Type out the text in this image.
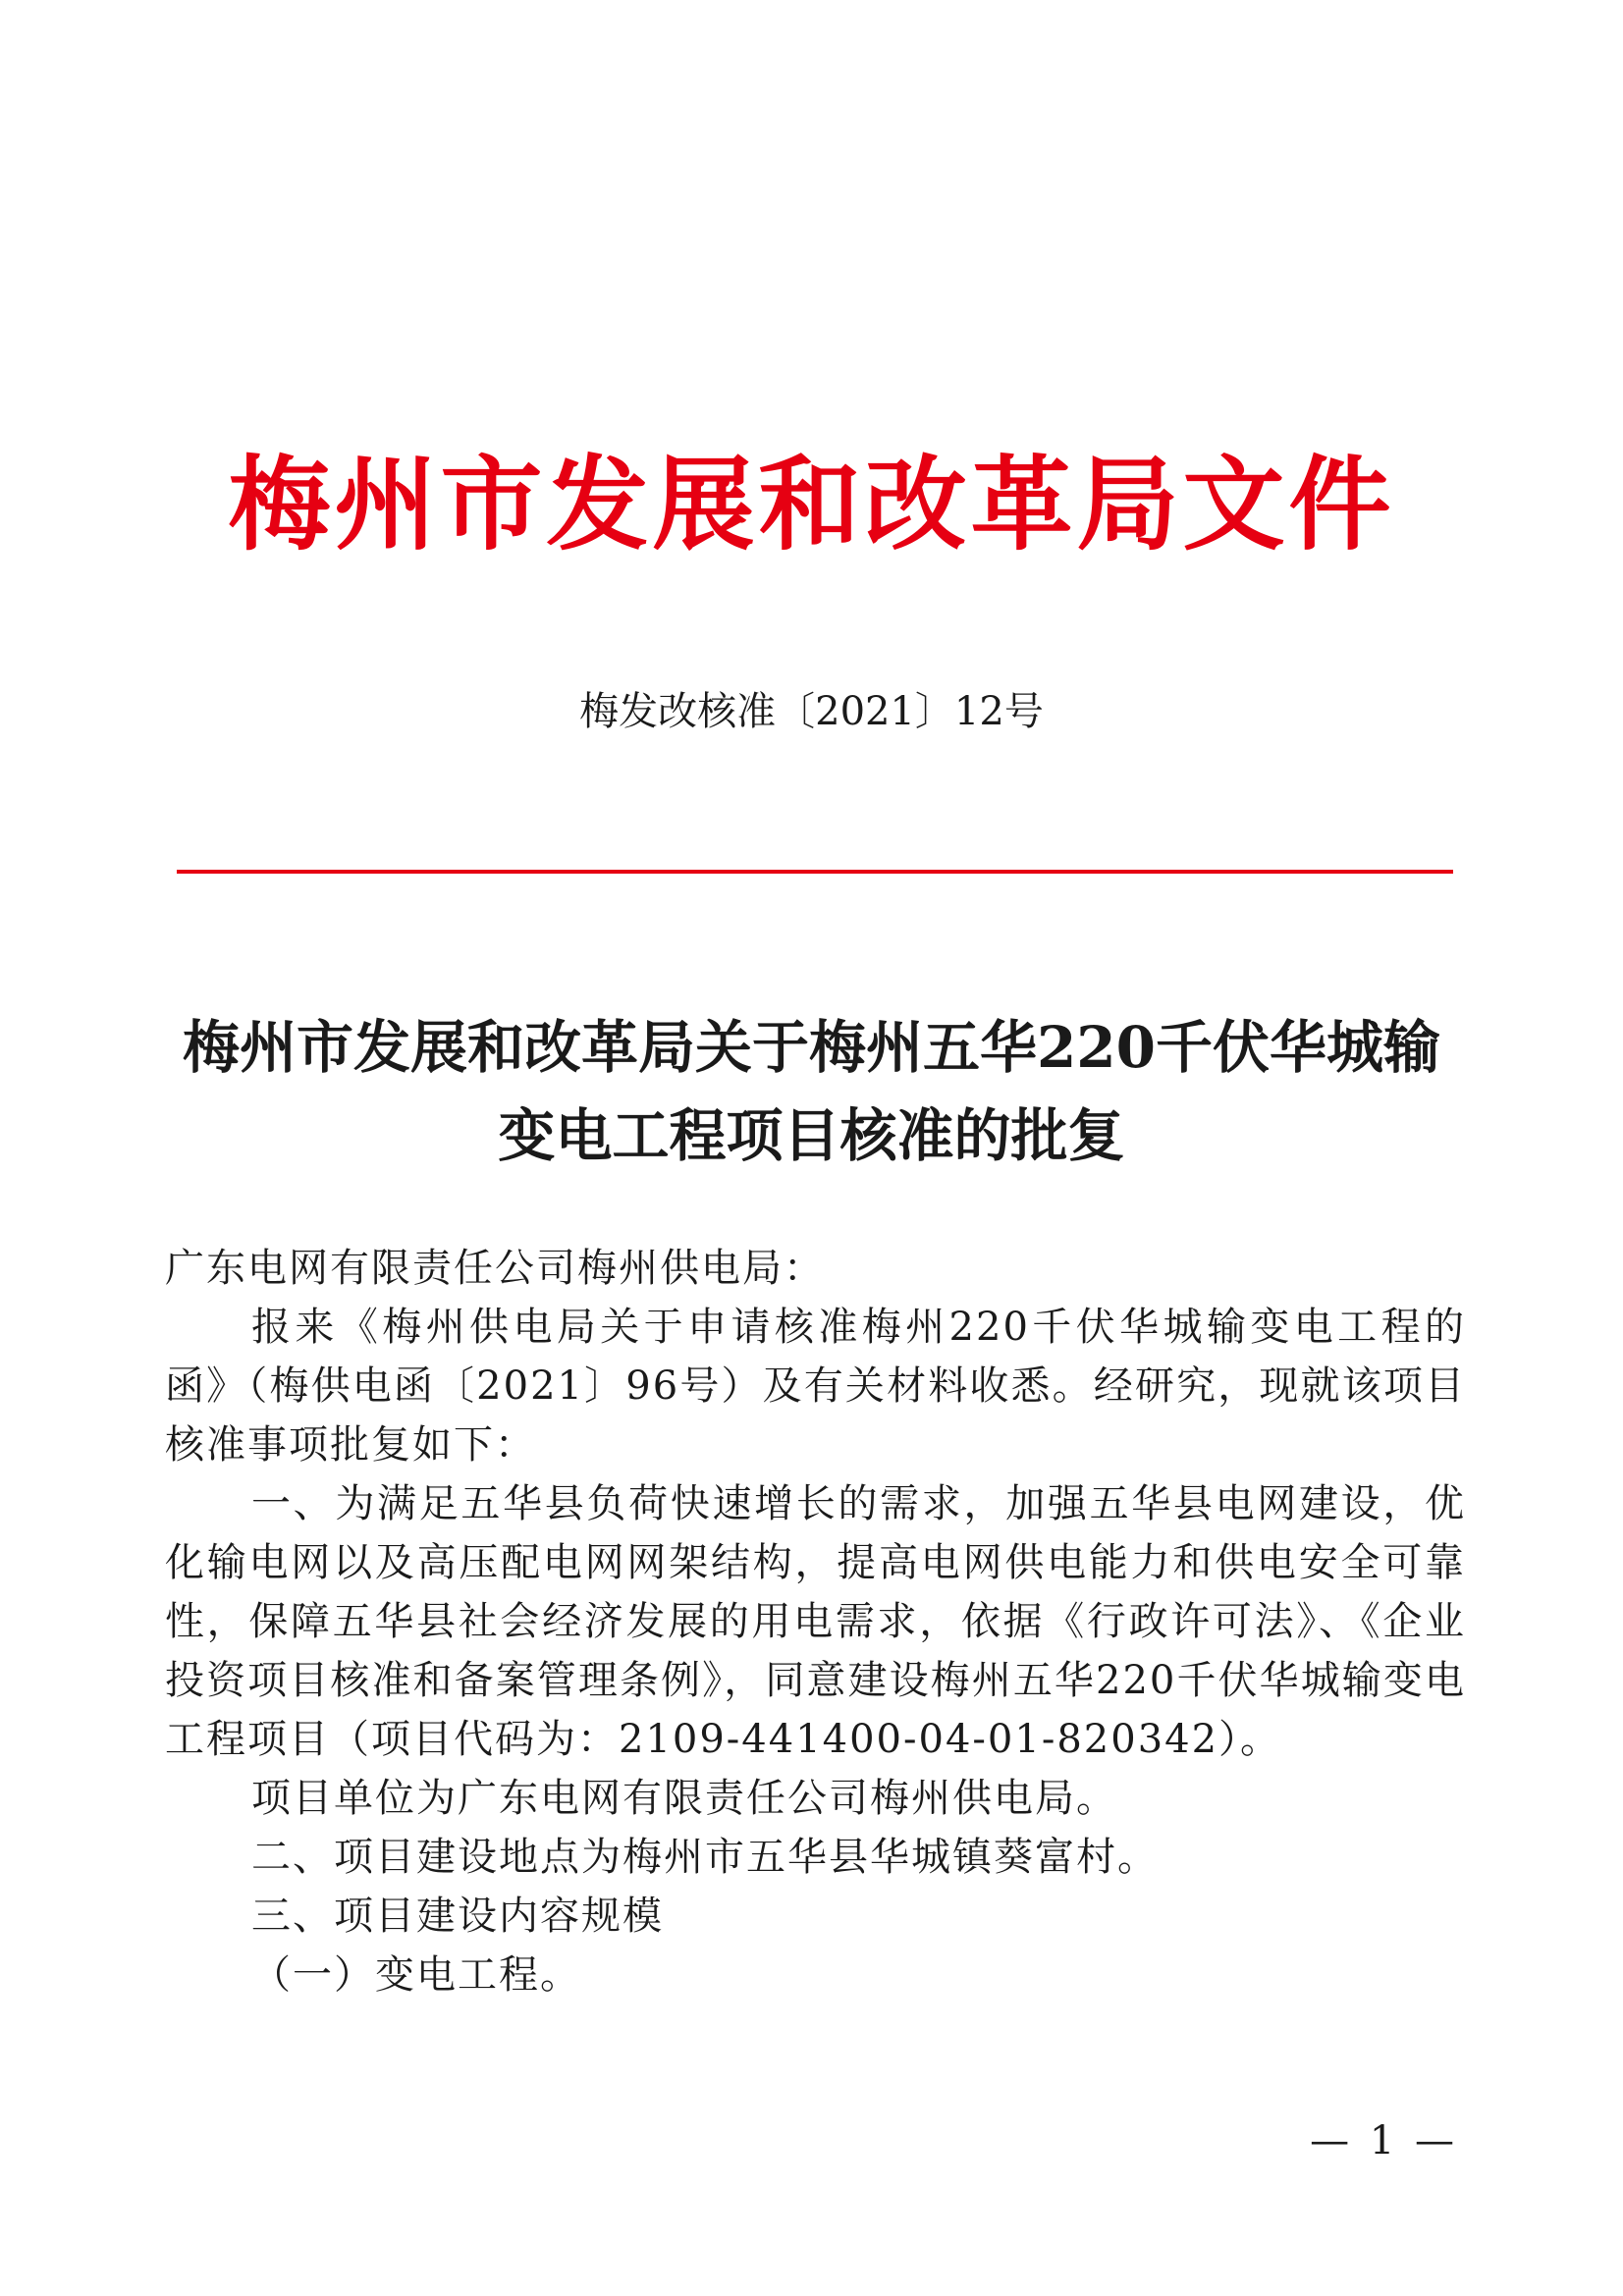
梅州市发展和改革局文件
梅发改核准〔2021〕12号
梅州市发展和改革局关于梅州五华220千伏华城输
变电工程项目核准的批复

广东电网有限责任公司梅州供电局：

报来《梅州供电局关于申请核准梅州220千伏华城输变电工程的函》（梅供电函〔2021〕96号）及有关材料收悉。经研究，现就该项目核准事项批复如下：

一、为满足五华县负荷快速增长的需求，加强五华县电网建设，优化输电网以及高压配电网网架结构，提高电网供电能力和供电安全可靠性，保障五华县社会经济发展的用电需求，依据《行政许可法》、《企业投资项目核准和备案管理条例》，同意建设梅州五华220千伏华城输变电工程项目（项目代码为：2109-441400-04-01-820342）。

项目单位为广东电网有限责任公司梅州供电局。

二、项目建设地点为梅州市五华县华城镇葵富村。

三、项目建设内容规模

（一）变电工程。

— 1 —
